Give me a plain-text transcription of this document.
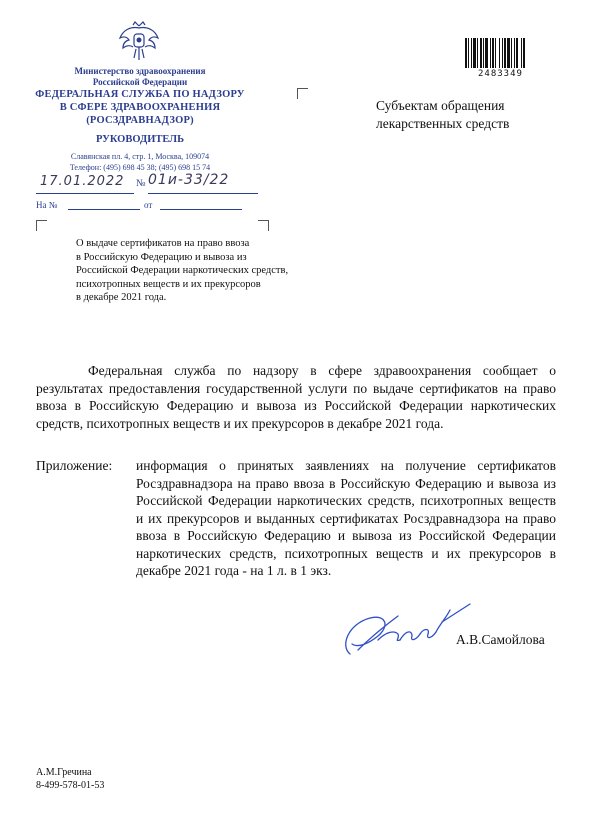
Министерство здравоохранения
Российской Федерации
ФЕДЕРАЛЬНАЯ СЛУЖБА ПО НАДЗОРУ
В СФЕРЕ ЗДРАВООХРАНЕНИЯ
(РОСЗДРАВНАДЗОР)
РУКОВОДИТЕЛЬ
Славянская пл. 4, стр. 1, Москва, 109074
Телефон: (495) 698 45 38; (495) 698 15 74
17.01.2022 № 01и-33/22
На №	от
2483349
Субъектам обращения
лекарственных средств
О выдаче сертификатов на право ввоза
в Российскую Федерацию и вывоза из
Российской Федерации наркотических средств,
психотропных веществ и их прекурсоров
в декабре 2021 года.
Федеральная служба по надзору в сфере здравоохранения сообщает о результатах предоставления государственной услуги по выдаче сертификатов на право ввоза в Российскую Федерацию и вывоза из Российской Федерации наркотических средств, психотропных веществ и их прекурсоров в декабре 2021 года.
Приложение: информация о принятых заявлениях на получение сертификатов Росздравнадзора на право ввоза в Российскую Федерацию и вывоза из Российской Федерации наркотических средств, психотропных веществ и их прекурсоров и выданных сертификатах Росздравнадзора на право ввоза в Российскую Федерацию и вывоза из Российской Федерации наркотических средств, психотропных веществ и их прекурсоров в декабре 2021 года - на 1 л. в 1 экз.
А.В.Самойлова
А.М.Гречина
8-499-578-01-53
